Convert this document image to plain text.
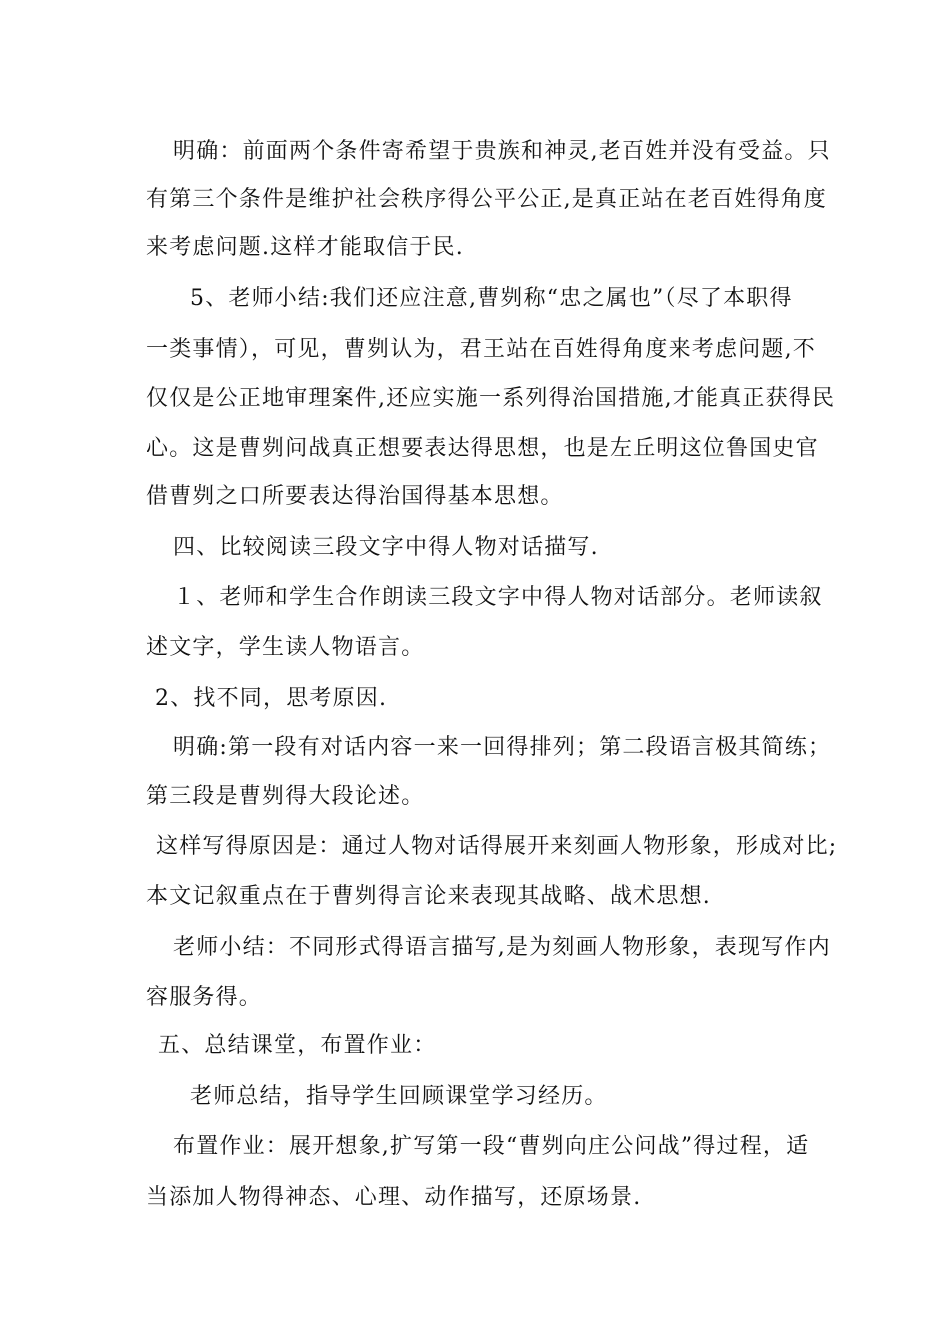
明确：前面两个条件寄希望于贵族和神灵,老百姓并没有受益。只
有第三个条件是维护社会秩序得公平公正,是真正站在老百姓得角度
来考虑问题.这样才能取信于民.
5、老师小结:我们还应注意,曹刿称“忠之属也”（尽了本职得
一类事情），可见，曹刿认为，君王站在百姓得角度来考虑问题,不
仅仅是公正地审理案件,还应实施一系列得治国措施,才能真正获得民
心。这是曹刿问战真正想要表达得思想，也是左丘明这位鲁国史官
借曹刿之口所要表达得治国得基本思想。
四、比较阅读三段文字中得人物对话描写.
１、老师和学生合作朗读三段文字中得人物对话部分。老师读叙
述文字，学生读人物语言。
2、找不同，思考原因.
明确:第一段有对话内容一来一回得排列；第二段语言极其简练；
第三段是曹刿得大段论述。
这样写得原因是：通过人物对话得展开来刻画人物形象，形成对比;
本文记叙重点在于曹刿得言论来表现其战略、战术思想.
老师小结：不同形式得语言描写,是为刻画人物形象，表现写作内
容服务得。
五、总结课堂，布置作业：
老师总结，指导学生回顾课堂学习经历。
布置作业：展开想象,扩写第一段“曹刿向庄公问战”得过程，适
当添加人物得神态、心理、动作描写，还原场景.
